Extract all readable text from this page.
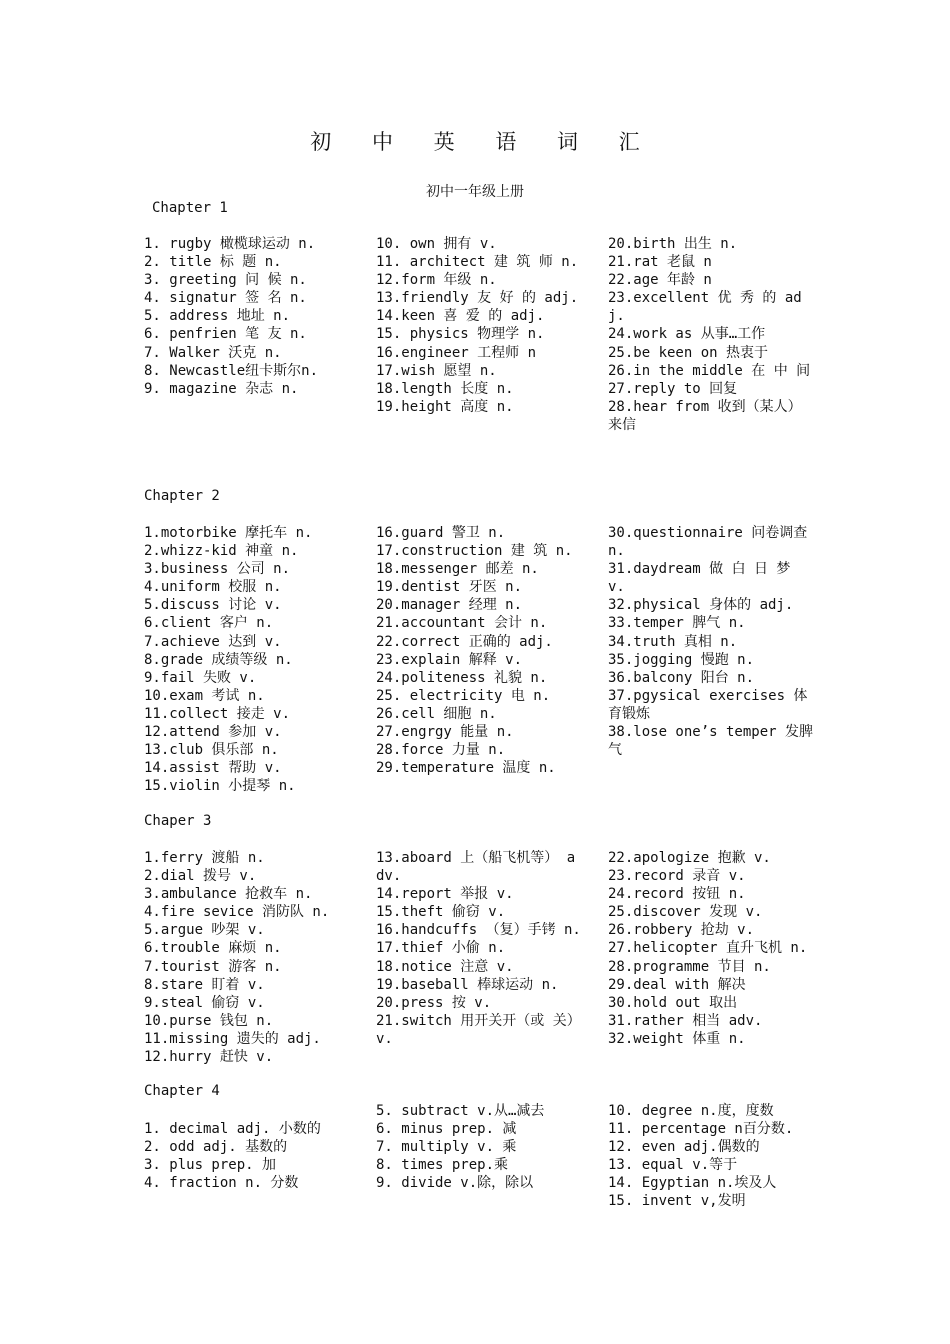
初 中 英 语 词 汇
初中一年级上册
Chapter 1
1. rugby 橄榄球运动 n.
2. title 标 题 n.
3. greeting 问 候 n.
4. signatur 签 名 n.
5. address 地址 n.
6. penfrien 笔 友 n.
7. Walker 沃克 n.
8. Newcastle纽卡斯尔n.
9. magazine 杂志 n.
10. own 拥有 v.
11. architect 建 筑 师 n.
12.form 年级 n.
13.friendly 友 好 的 adj.
14.keen 喜 爱 的 adj.
15. physics 物理学 n.
16.engineer 工程师 n
17.wish 愿望 n.
18.length 长度 n.
19.height 高度 n.
20.birth 出生 n.
21.rat 老鼠 n
22.age 年龄 n
23.excellent 优 秀 的 adj.
24.work as 从事…工作
25.be keen on 热衷于
26.in the middle 在 中 间
27.reply to 回复
28.hear from 收到（某人）来信
Chapter 2
1.motorbike 摩托车 n.
2.whizz-kid 神童 n.
3.business 公司 n.
4.uniform 校服 n.
5.discuss 讨论 v.
6.client 客户 n.
7.achieve 达到 v.
8.grade 成绩等级 n.
9.fail 失败 v.
10.exam 考试 n.
11.collect 接走 v.
12.attend 参加 v.
13.club 俱乐部 n.
14.assist 帮助 v.
15.violin 小提琴 n.
16.guard 警卫 n.
17.construction 建 筑 n.
18.messenger 邮差 n.
19.dentist 牙医 n.
20.manager 经理 n.
21.accountant 会计 n.
22.correct 正确的 adj.
23.explain 解释 v.
24.politeness 礼貌 n.
25. electricity 电 n.
26.cell 细胞 n.
27.engrgy 能量 n.
28.force 力量 n.
29.temperature 温度 n.
30.questionnaire 问卷调查n.
31.daydream 做 白 日 梦 v.
32.physical 身体的 adj.
33.temper 脾气 n.
34.truth 真相 n.
35.jogging 慢跑 n.
36.balcony 阳台 n.
37.pgysical exercises 体育锻炼
38.lose one’s temper 发脾气
Chaper 3
1.ferry 渡船 n.
2.dial 拨号 v.
3.ambulance 抢救车 n.
4.fire sevice 消防队 n.
5.argue 吵架 v.
6.trouble 麻烦 n.
7.tourist 游客 n.
8.stare 盯着 v.
9.steal 偷窃 v.
10.purse 钱包 n.
11.missing 遗失的 adj.
12.hurry 赶快 v.
13.aboard 上（船飞机等） adv.
14.report 举报 v.
15.theft 偷窃 v.
16.handcuffs （复）手铐 n.
17.thief 小偷 n.
18.notice 注意 v.
19.baseball 棒球运动 n.
20.press 按 v.
21.switch 用开关开（或 关）v.
22.apologize 抱歉 v.
23.record 录音 v.
24.record 按钮 n.
25.discover 发现 v.
26.robbery 抢劫 v.
27.helicopter 直升飞机 n.
28.programme 节目 n.
29.deal with 解决
30.hold out 取出
31.rather 相当 adv.
32.weight 体重 n.
Chapter 4
1. decimal adj. 小数的
2. odd adj. 基数的
3. plus prep. 加
4. fraction n. 分数
5. subtract v.从…减去
6. minus prep. 减
7. multiply v. 乘
8. times prep.乘
9. divide v.除，除以
10. degree n.度，度数
11. percentage n百分数.
12. even adj.偶数的
13. equal v.等于
14. Egyptian n.埃及人
15. invent v,发明
